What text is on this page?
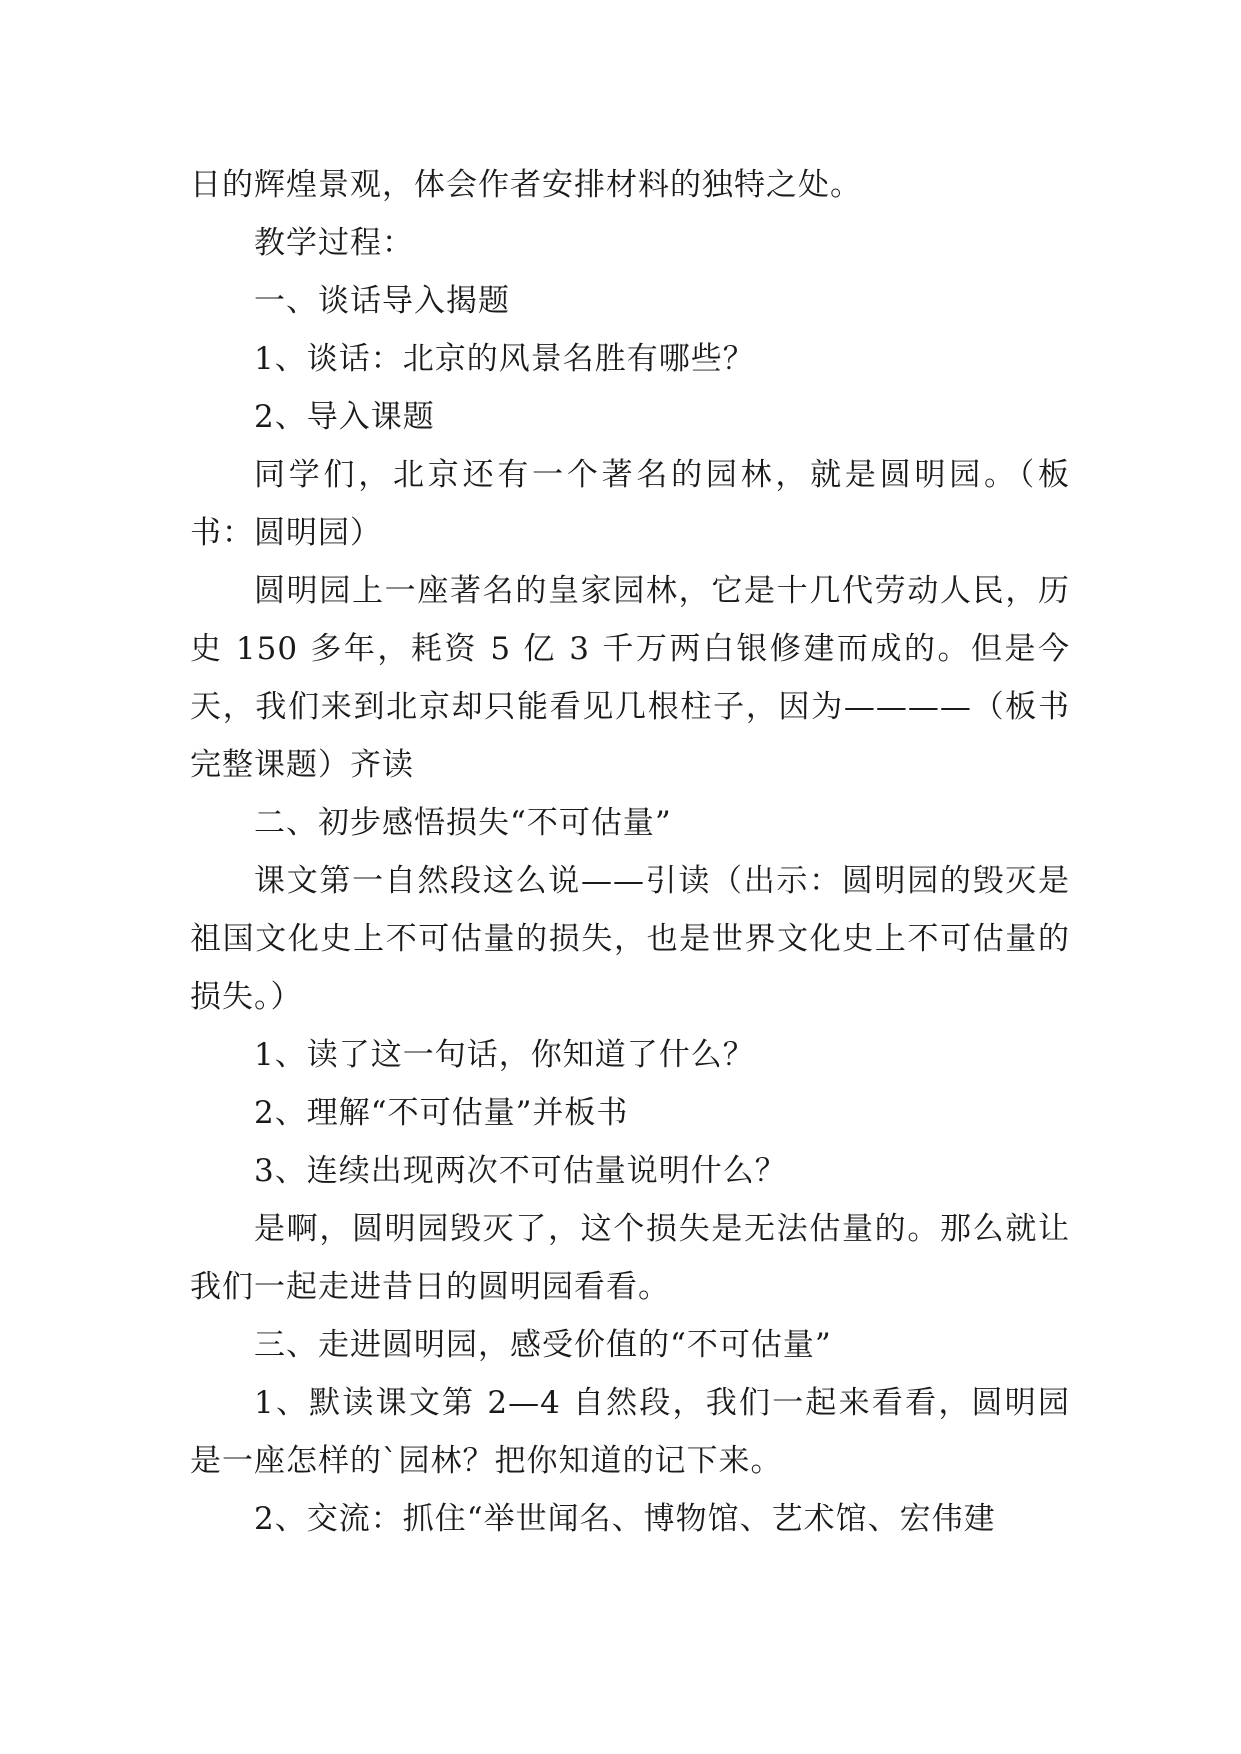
日的辉煌景观，体会作者安排材料的独特之处。

教学过程：

一、谈话导入揭题

1、谈话：北京的风景名胜有哪些？

2、导入课题

同学们，北京还有一个著名的园林，就是圆明园。（板书：圆明园）

圆明园上一座著名的皇家园林，它是十几代劳动人民，历史 150 多年，耗资 5 亿 3 千万两白银修建而成的。但是今天，我们来到北京却只能看见几根柱子，因为————（板书完整课题）齐读

二、初步感悟损失“不可估量”

课文第一自然段这么说——引读（出示：圆明园的毁灭是祖国文化史上不可估量的损失，也是世界文化史上不可估量的损失。）

1、读了这一句话，你知道了什么？

2、理解“不可估量”并板书

3、连续出现两次不可估量说明什么？

是啊，圆明园毁灭了，这个损失是无法估量的。那么就让我们一起走进昔日的圆明园看看。

三、走进圆明园，感受价值的“不可估量”

1、默读课文第 2—4 自然段，我们一起来看看，圆明园是一座怎样的`园林？把你知道的记下来。

2、交流：抓住“举世闻名、博物馆、艺术馆、宏伟建
